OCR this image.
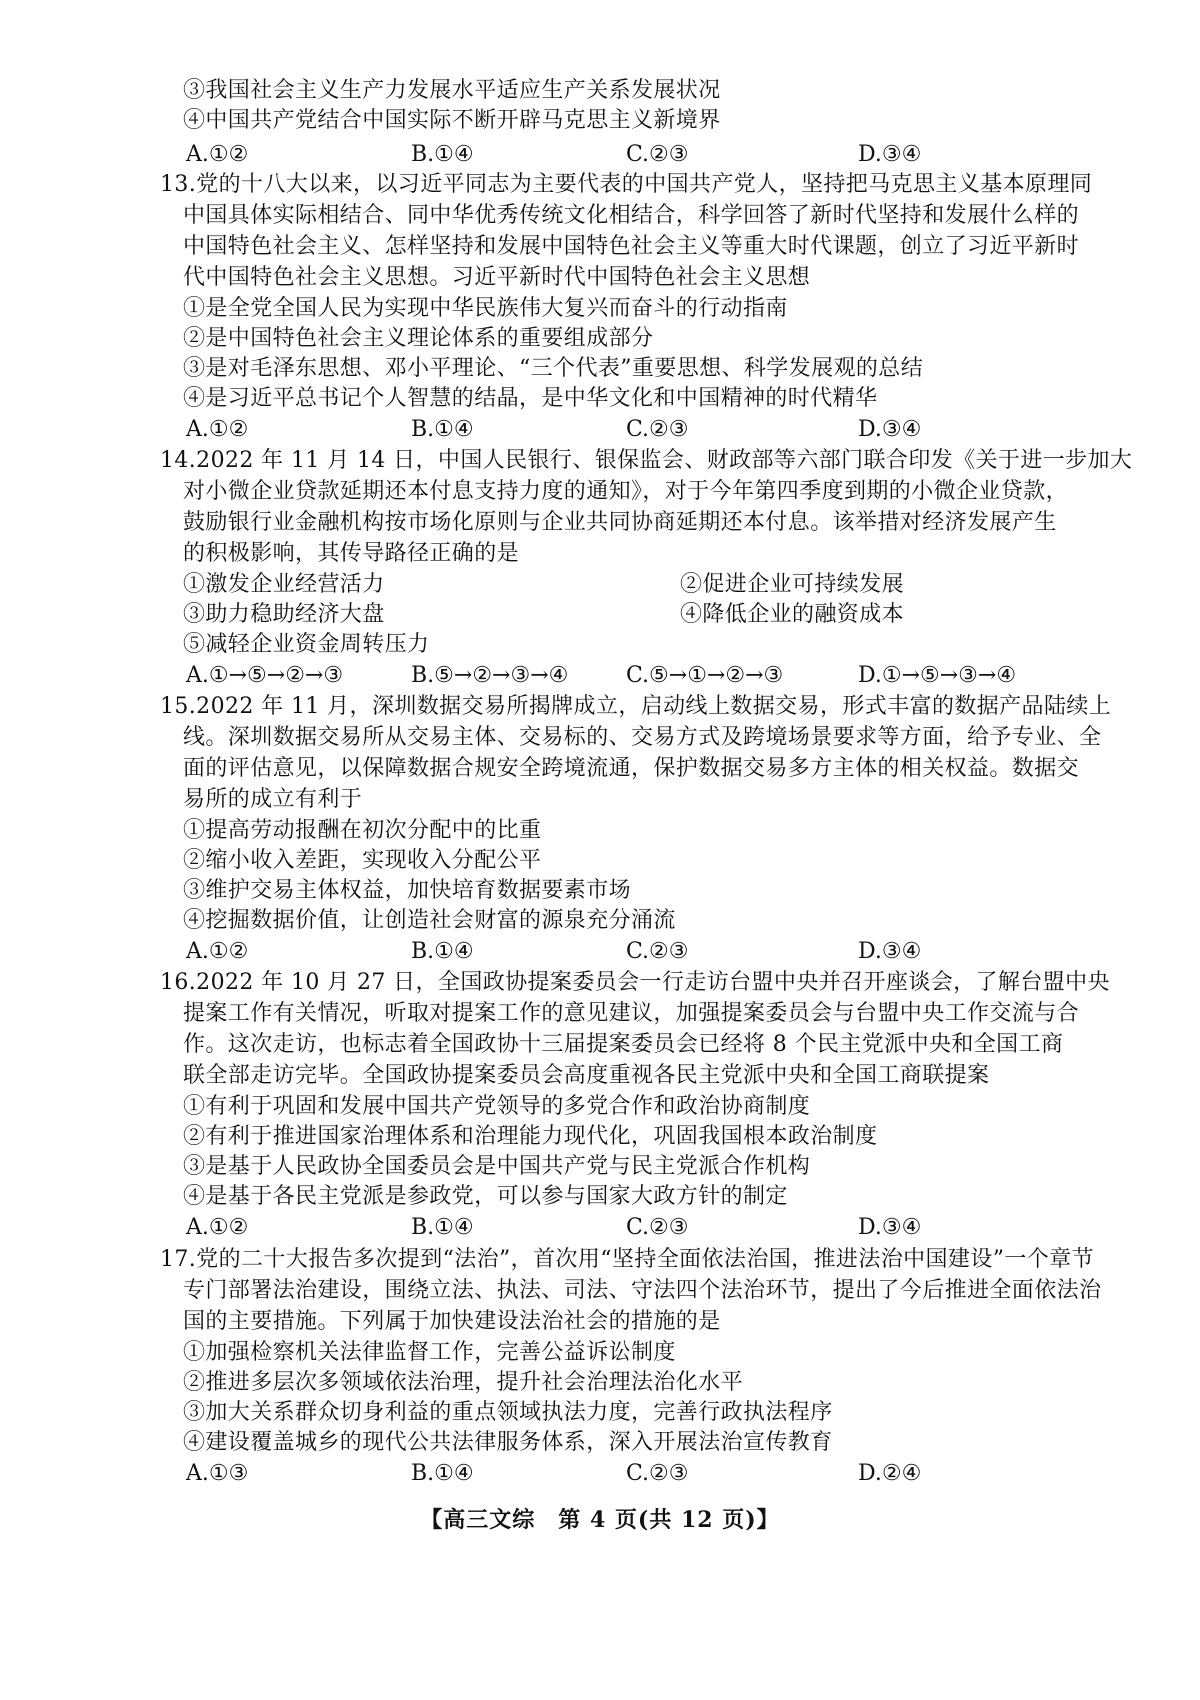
③我国社会主义生产力发展水平适应生产关系发展状况
④中国共产党结合中国实际不断开辟马克思主义新境界
A.①②	B.①④	C.②③	D.③④
13.党的十八大以来，以习近平同志为主要代表的中国共产党人，坚持把马克思主义基本原理同
中国具体实际相结合、同中华优秀传统文化相结合，科学回答了新时代坚持和发展什么样的
中国特色社会主义、怎样坚持和发展中国特色社会主义等重大时代课题，创立了习近平新时
代中国特色社会主义思想。习近平新时代中国特色社会主义思想
①是全党全国人民为实现中华民族伟大复兴而奋斗的行动指南
②是中国特色社会主义理论体系的重要组成部分
③是对毛泽东思想、邓小平理论、“三个代表”重要思想、科学发展观的总结
④是习近平总书记个人智慧的结晶，是中华文化和中国精神的时代精华
A.①②	B.①④	C.②③	D.③④
14.2022 年 11 月 14 日，中国人民银行、银保监会、财政部等六部门联合印发《关于进一步加大
对小微企业贷款延期还本付息支持力度的通知》，对于今年第四季度到期的小微企业贷款，
鼓励银行业金融机构按市场化原则与企业共同协商延期还本付息。该举措对经济发展产生
的积极影响，其传导路径正确的是
①激发企业经营活力	②促进企业可持续发展
③助力稳助经济大盘	④降低企业的融资成本
⑤减轻企业资金周转压力
A.①→⑤→②→③	B.⑤→②→③→④	C.⑤→①→②→③	D.①→⑤→③→④
15.2022 年 11 月，深圳数据交易所揭牌成立，启动线上数据交易，形式丰富的数据产品陆续上
线。深圳数据交易所从交易主体、交易标的、交易方式及跨境场景要求等方面，给予专业、全
面的评估意见，以保障数据合规安全跨境流通，保护数据交易多方主体的相关权益。数据交
易所的成立有利于
①提高劳动报酬在初次分配中的比重
②缩小收入差距，实现收入分配公平
③维护交易主体权益，加快培育数据要素市场
④挖掘数据价值，让创造社会财富的源泉充分涌流
A.①②	B.①④	C.②③	D.③④
16.2022 年 10 月 27 日，全国政协提案委员会一行走访台盟中央并召开座谈会，了解台盟中央
提案工作有关情况，听取对提案工作的意见建议，加强提案委员会与台盟中央工作交流与合
作。这次走访，也标志着全国政协十三届提案委员会已经将 8 个民主党派中央和全国工商
联全部走访完毕。全国政协提案委员会高度重视各民主党派中央和全国工商联提案
①有利于巩固和发展中国共产党领导的多党合作和政治协商制度
②有利于推进国家治理体系和治理能力现代化，巩固我国根本政治制度
③是基于人民政协全国委员会是中国共产党与民主党派合作机构
④是基于各民主党派是参政党，可以参与国家大政方针的制定
A.①②	B.①④	C.②③	D.③④
17.党的二十大报告多次提到“法治”，首次用“坚持全面依法治国，推进法治中国建设”一个章节
专门部署法治建设，围绕立法、执法、司法、守法四个法治环节，提出了今后推进全面依法治
国的主要措施。下列属于加快建设法治社会的措施的是
①加强检察机关法律监督工作，完善公益诉讼制度
②推进多层次多领域依法治理，提升社会治理法治化水平
③加大关系群众切身利益的重点领域执法力度，完善行政执法程序
④建设覆盖城乡的现代公共法律服务体系，深入开展法治宣传教育
A.①③	B.①④	C.②③	D.②④
【高三文综　第 4 页(共 12 页)】
